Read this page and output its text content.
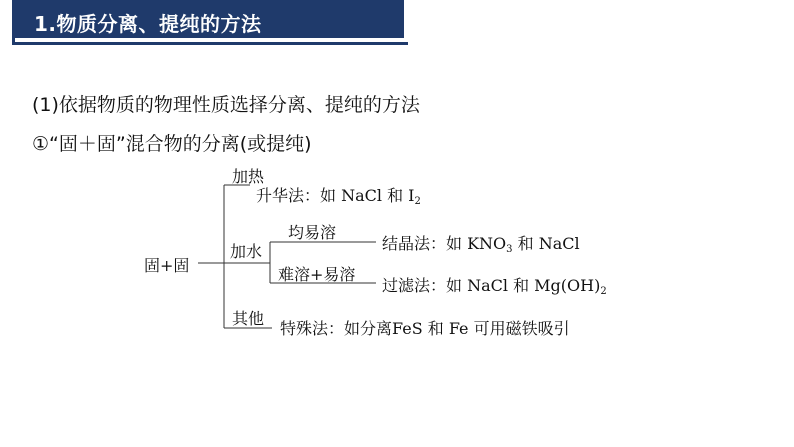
1.物质分离、提纯的方法
(1)依据物质的物理性质选择分离、提纯的方法
①“固＋固”混合物的分离(或提纯)
固+固
加热
升华法：如 NaCl 和 $I_2$
加水
均易溶
难溶+易溶
结晶法：如 $KNO_3$ 和 NaCl
过滤法：如 NaCl 和 $Mg(OH)_2$
其他
特殊法：如分离FeS 和 Fe 可用磁铁吸引
